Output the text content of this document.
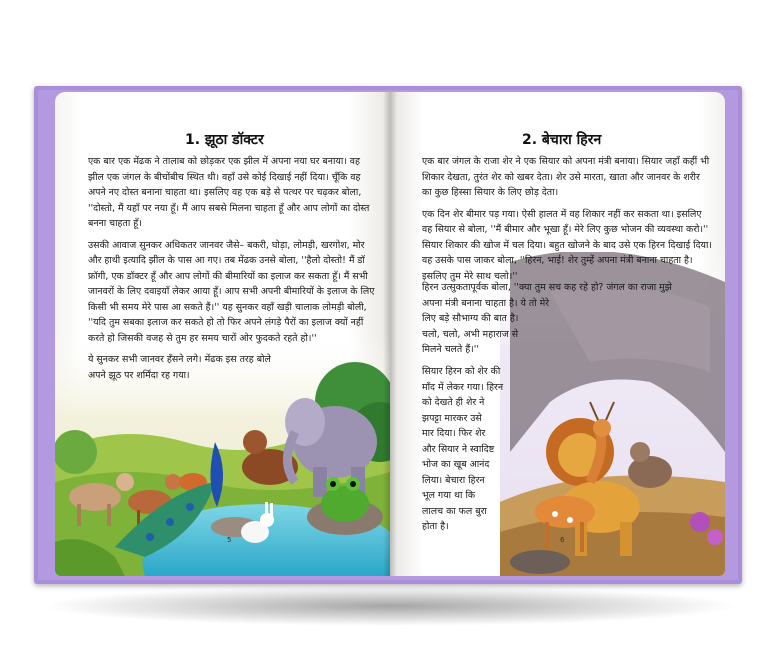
1. झूठा डॉक्टर

एक बार एक मेंढक ने तालाब को छोड़कर एक झील में अपना नया घर बनाया। वह झील एक जंगल के बीचोंबीच स्थित थी। वहाँ उसे कोई दिखाई नहीं दिया। चूँकि वह अपने नए दोस्त बनाना चाहता था। इसलिए वह एक बड़े से पत्थर पर चढ़कर बोला, ''दोस्तो, मैं यहाँ पर नया हूँ। मैं आप सबसे मिलना चाहता हूँ और आप लोगों का दोस्त बनना चाहता हूँ।

उसकी आवाज सुनकर अधिकतर जानवर जैसे– बकरी, घोड़ा, लोमड़ी, खरगोश, मोर और हाथी इत्यादि झील के पास आ गए। तब मेंढक उनसे बोला, ''हैलो दोस्तो! मैं डॉ फ्रॉगी, एक डॉक्टर हूँ और आप लोगों की बीमारियों का इलाज कर सकता हूँ। मैं सभी जानवरों के लिए दवाइयाँ लेकर आया हूँ। आप सभी अपनी बीमारियों के इलाज के लिए किसी भी समय मेरे पास आ सकते हैं।'' यह सुनकर वहाँ खड़ी चालाक लोमड़ी बोली, ''यदि तुम सबका इलाज कर सकते हो तो फिर अपने लंगड़े पैरों का इलाज क्यों नहीं करते हो जिसकी वजह से तुम हर समय चारों ओर फुदकते रहते हो।''

ये सुनकर सभी जानवर हँसने लगे। मेंढक इस तरह बोले अपने झूठ पर शर्मिंदा रह गया।

5
2. बेचारा हिरन

एक बार जंगल के राजा शेर ने एक सियार को अपना मंत्री बनाया। सियार जहाँ कहीं भी शिकार देखता, तुरंत शेर को खबर देता। शेर उसे मारता, खाता और जानवर के शरीर का कुछ हिस्सा सियार के लिए छोड़ देता।

एक दिन शेर बीमार पड़ गया। ऐसी हालत में वह शिकार नहीं कर सकता था। इसलिए वह सियार से बोला, ''मैं बीमार और भूखा हूँ। मेरे लिए कुछ भोजन की व्यवस्था करो।'' सियार शिकार की खोज में चल दिया। बहुत खोजने के बाद उसे एक हिरन दिखाई दिया। वह उसके पास जाकर बोला, ''हिरन, भाई! शेर तुम्हें अपना मंत्री बनाना चाहता है। इसलिए तुम मेरे साथ चलो।''

हिरन उत्सुकतापूर्वक बोला, ''क्या तुम सच कह रहे हो? जंगल का राजा मुझे
अपना मंत्री बनाना चाहता है। ये तो मेरे
लिए बड़े सौभाग्य की बात है।
चलो, चलो, अभी महाराज से
मिलने चलते हैं।''
सियार हिरन को शेर की
माँद में लेकर गया। हिरन
को देखते ही शेर ने
झपट्टा मारकर उसे
मार दिया। फिर शेर
और सियार ने स्वादिष्ट
भोज का खूब आनंद
लिया। बेचारा हिरन
भूल गया था कि
लालच का फल बुरा
होता है।
6
